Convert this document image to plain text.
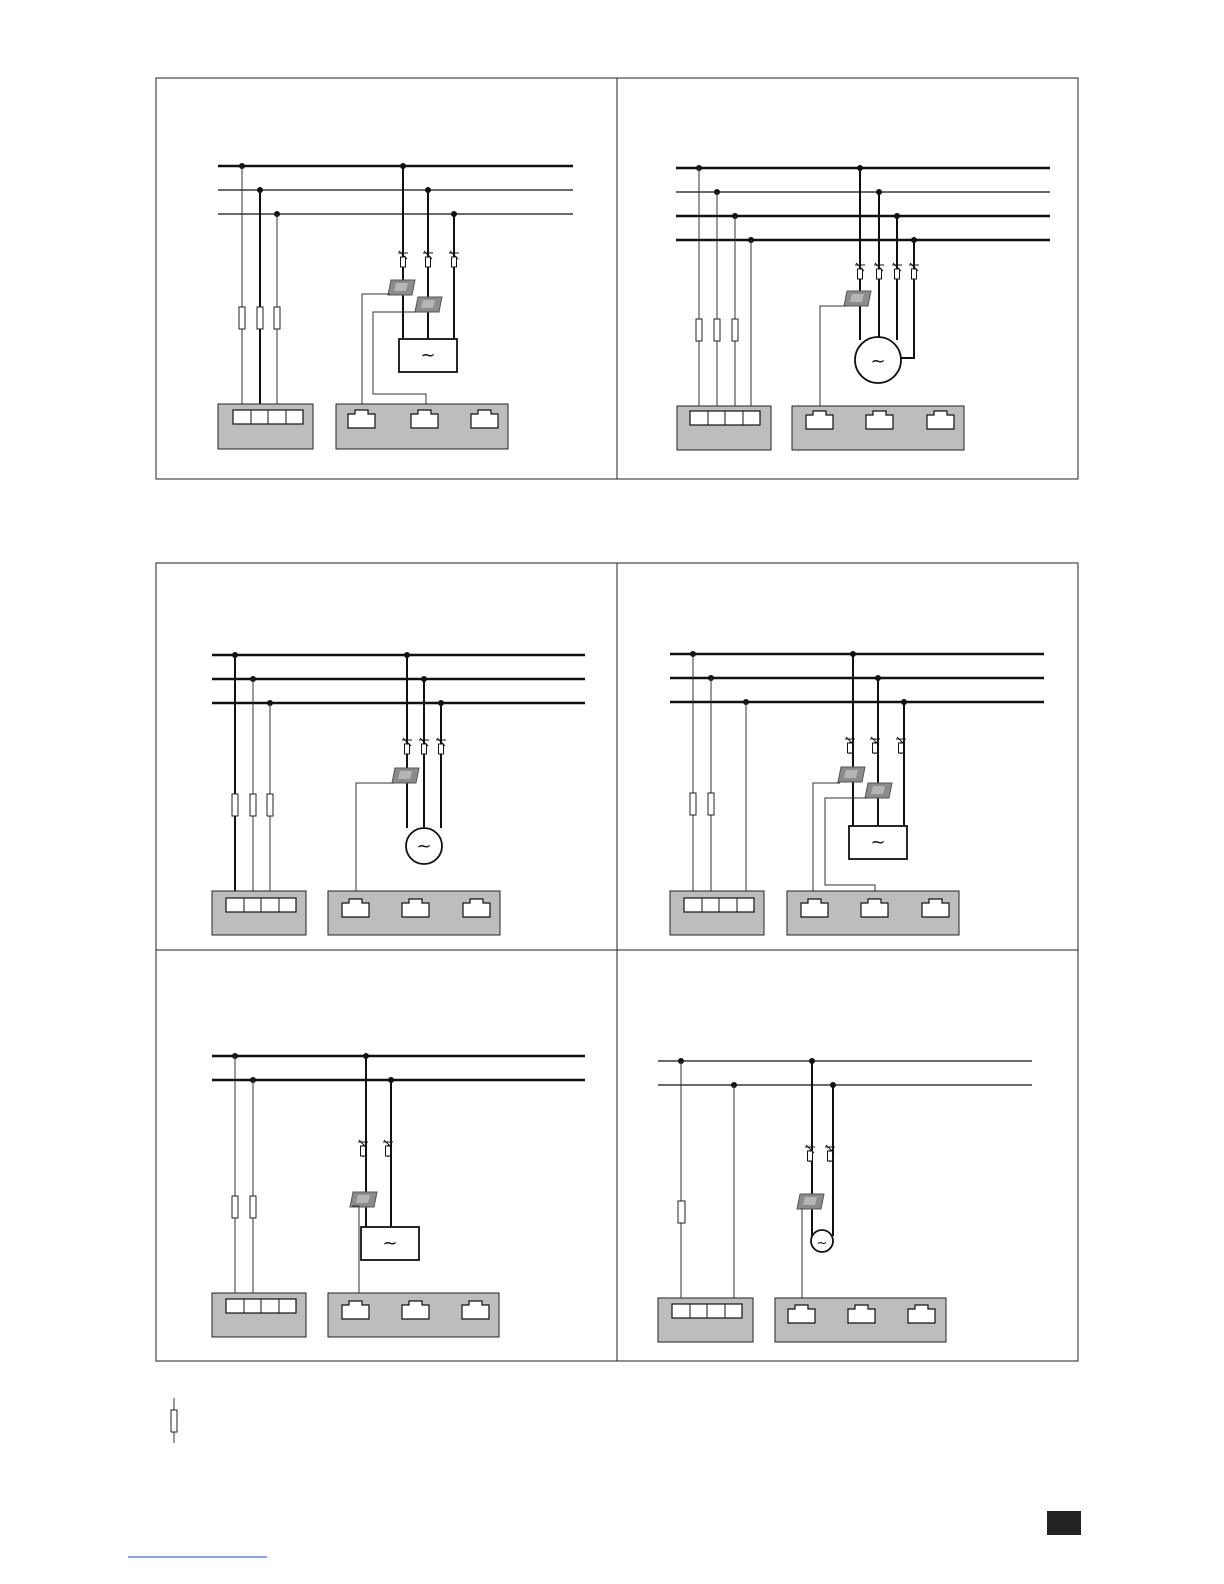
~	~
~	~
~	~
